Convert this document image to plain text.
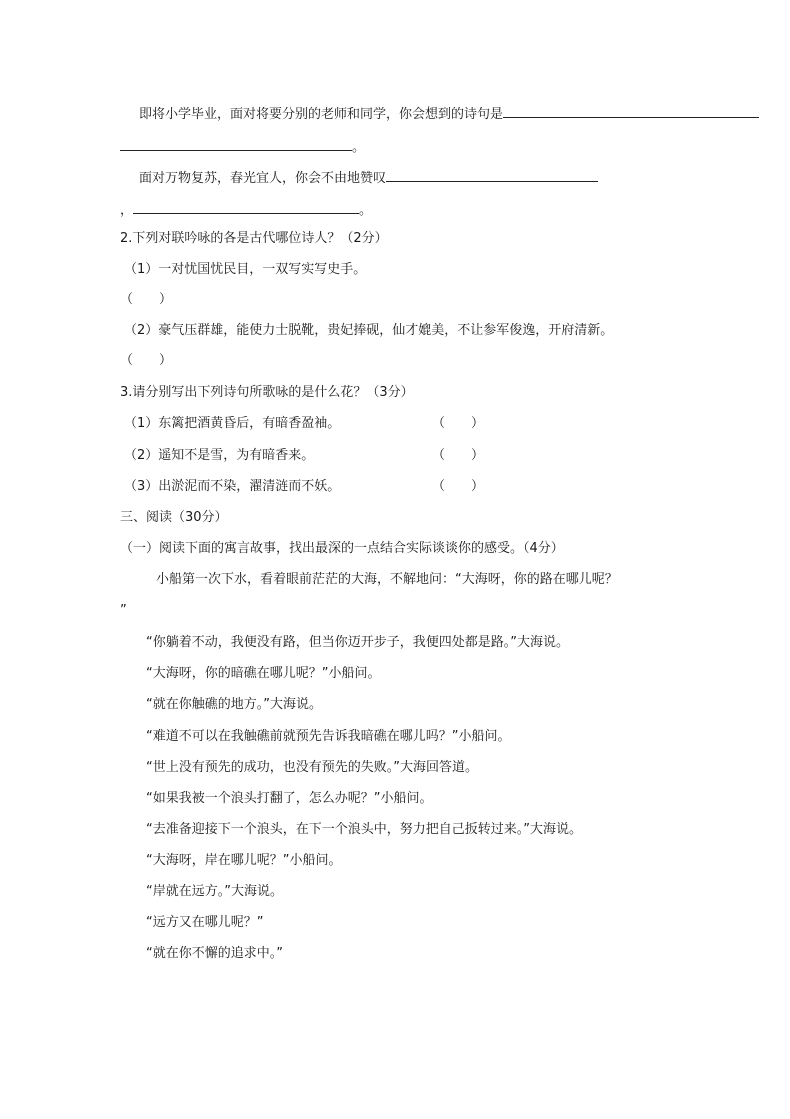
即将小学毕业，面对将要分别的老师和同学，你会想到的诗句是
。
面对万物复苏，春光宜人，你会不由地赞叹
，	。
2.下列对联吟咏的各是古代哪位诗人？（2分）
（1）一对忧国忧民目，一双写实写史手。
（　　）
（2）豪气压群雄，能使力士脱靴，贵妃捧砚，仙才媲美，不让参军俊逸，开府清新。
（　　）
3.请分别写出下列诗句所歌咏的是什么花？（3分）
（1）东篱把酒黄昏后，有暗香盈袖。	（　　）
（2）遥知不是雪，为有暗香来。	（　　）
（3）出淤泥而不染，濯清涟而不妖。	（　　）
三、阅读（30分）
（一）阅读下面的寓言故事，找出最深的一点结合实际谈谈你的感受。（4分）
小船第一次下水，看着眼前茫茫的大海，不解地问：“大海呀，你的路在哪儿呢？
”
“你躺着不动，我便没有路，但当你迈开步子，我便四处都是路。”大海说。
“大海呀，你的暗礁在哪儿呢？”小船问。
“就在你触礁的地方。”大海说。
“难道不可以在我触礁前就预先告诉我暗礁在哪儿吗？”小船问。
“世上没有预先的成功，也没有预先的失败。”大海回答道。
“如果我被一个浪头打翻了，怎么办呢？”小船问。
“去准备迎接下一个浪头，在下一个浪头中，努力把自己扳转过来。”大海说。
“大海呀，岸在哪儿呢？”小船问。
“岸就在远方。”大海说。
“远方又在哪儿呢？”
“就在你不懈的追求中。”
